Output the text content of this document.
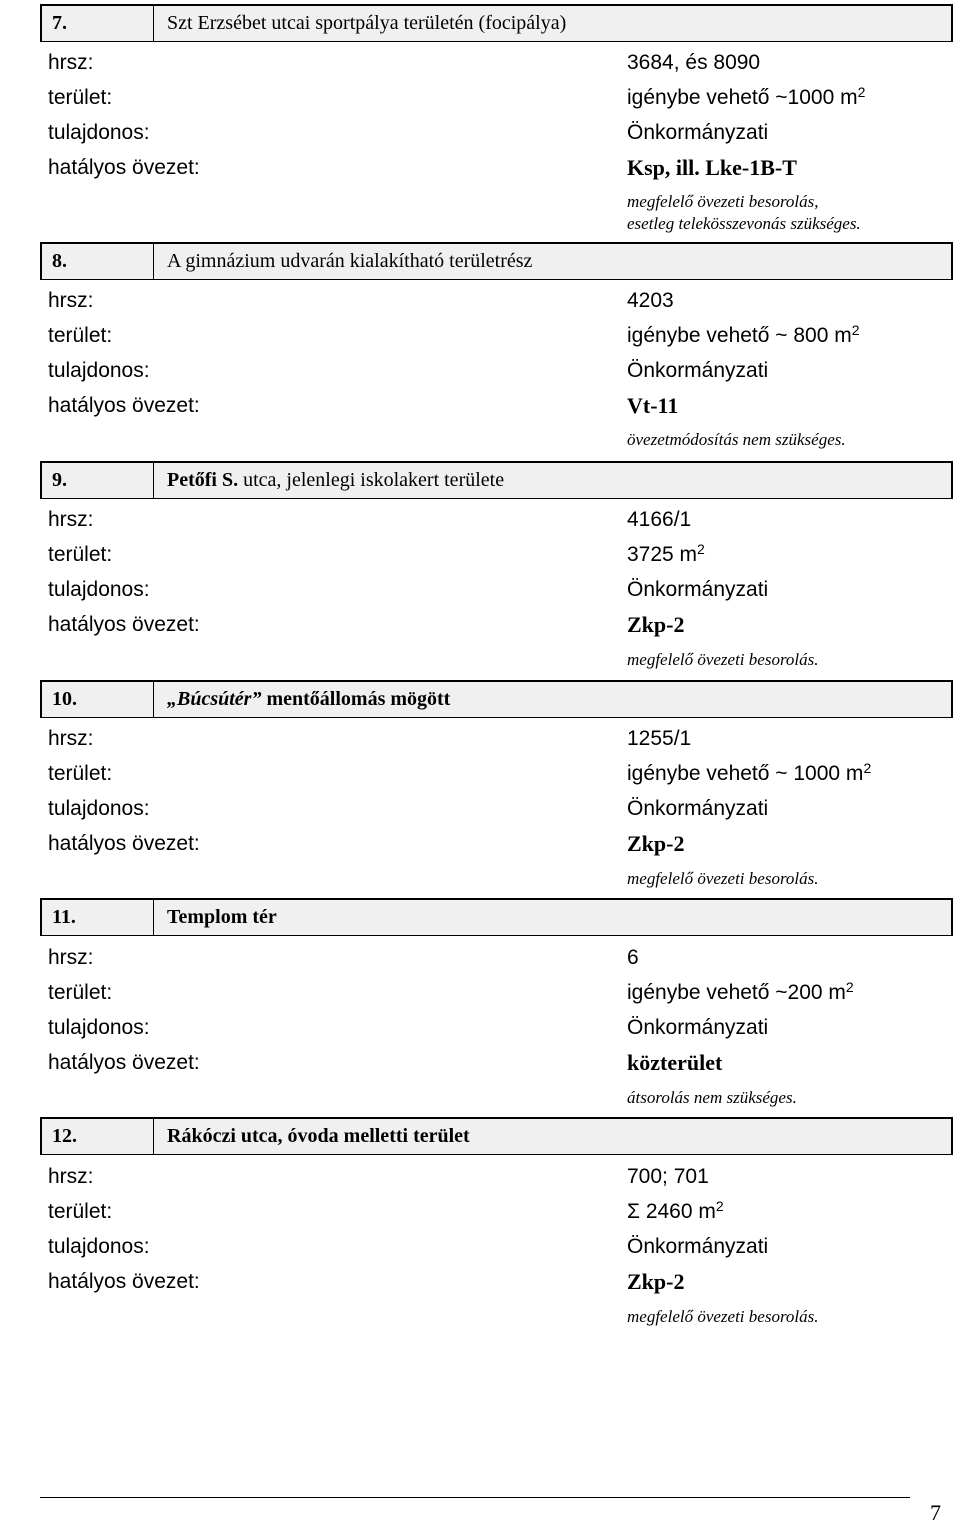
7.	Szt Erzsébet utcai sportpálya területén (focipálya)
hrsz:	3684, és 8090
terület:	igénybe vehető ~1000 $m^2$
tulajdonos:	Önkormányzati
hatályos övezet:	Ksp, ill. Lke-1B-T
megfelelő övezeti besorolás,
esetleg telekösszevonás szükséges.
8.	A gimnázium udvarán kialakítható területrész
hrsz:	4203
terület:	igénybe vehető ~ 800 $m^2$
tulajdonos:	Önkormányzati
hatályos övezet:	Vt-11
övezetmódosítás nem szükséges.
9.	Petőfi S. utca, jelenlegi iskolakert területe
hrsz:	4166/1
terület:	3725 $m^2$
tulajdonos:	Önkormányzati
hatályos övezet:	Zkp-2
megfelelő övezeti besorolás.
10.	„Búcsútér” mentőállomás mögött
hrsz:	1255/1
terület:	igénybe vehető ~ 1000 $m^2$
tulajdonos:	Önkormányzati
hatályos övezet:	Zkp-2
megfelelő övezeti besorolás.
11.	Templom tér
hrsz:	6
terület:	igénybe vehető ~200 $m^2$
tulajdonos:	Önkormányzati
hatályos övezet:	közterület
átsorolás nem szükséges.
12.	Rákóczi utca, óvoda melletti terület
hrsz:	700; 701
terület:	Σ 2460 $m^2$
tulajdonos:	Önkormányzati
hatályos övezet:	Zkp-2
megfelelő övezeti besorolás.
7
